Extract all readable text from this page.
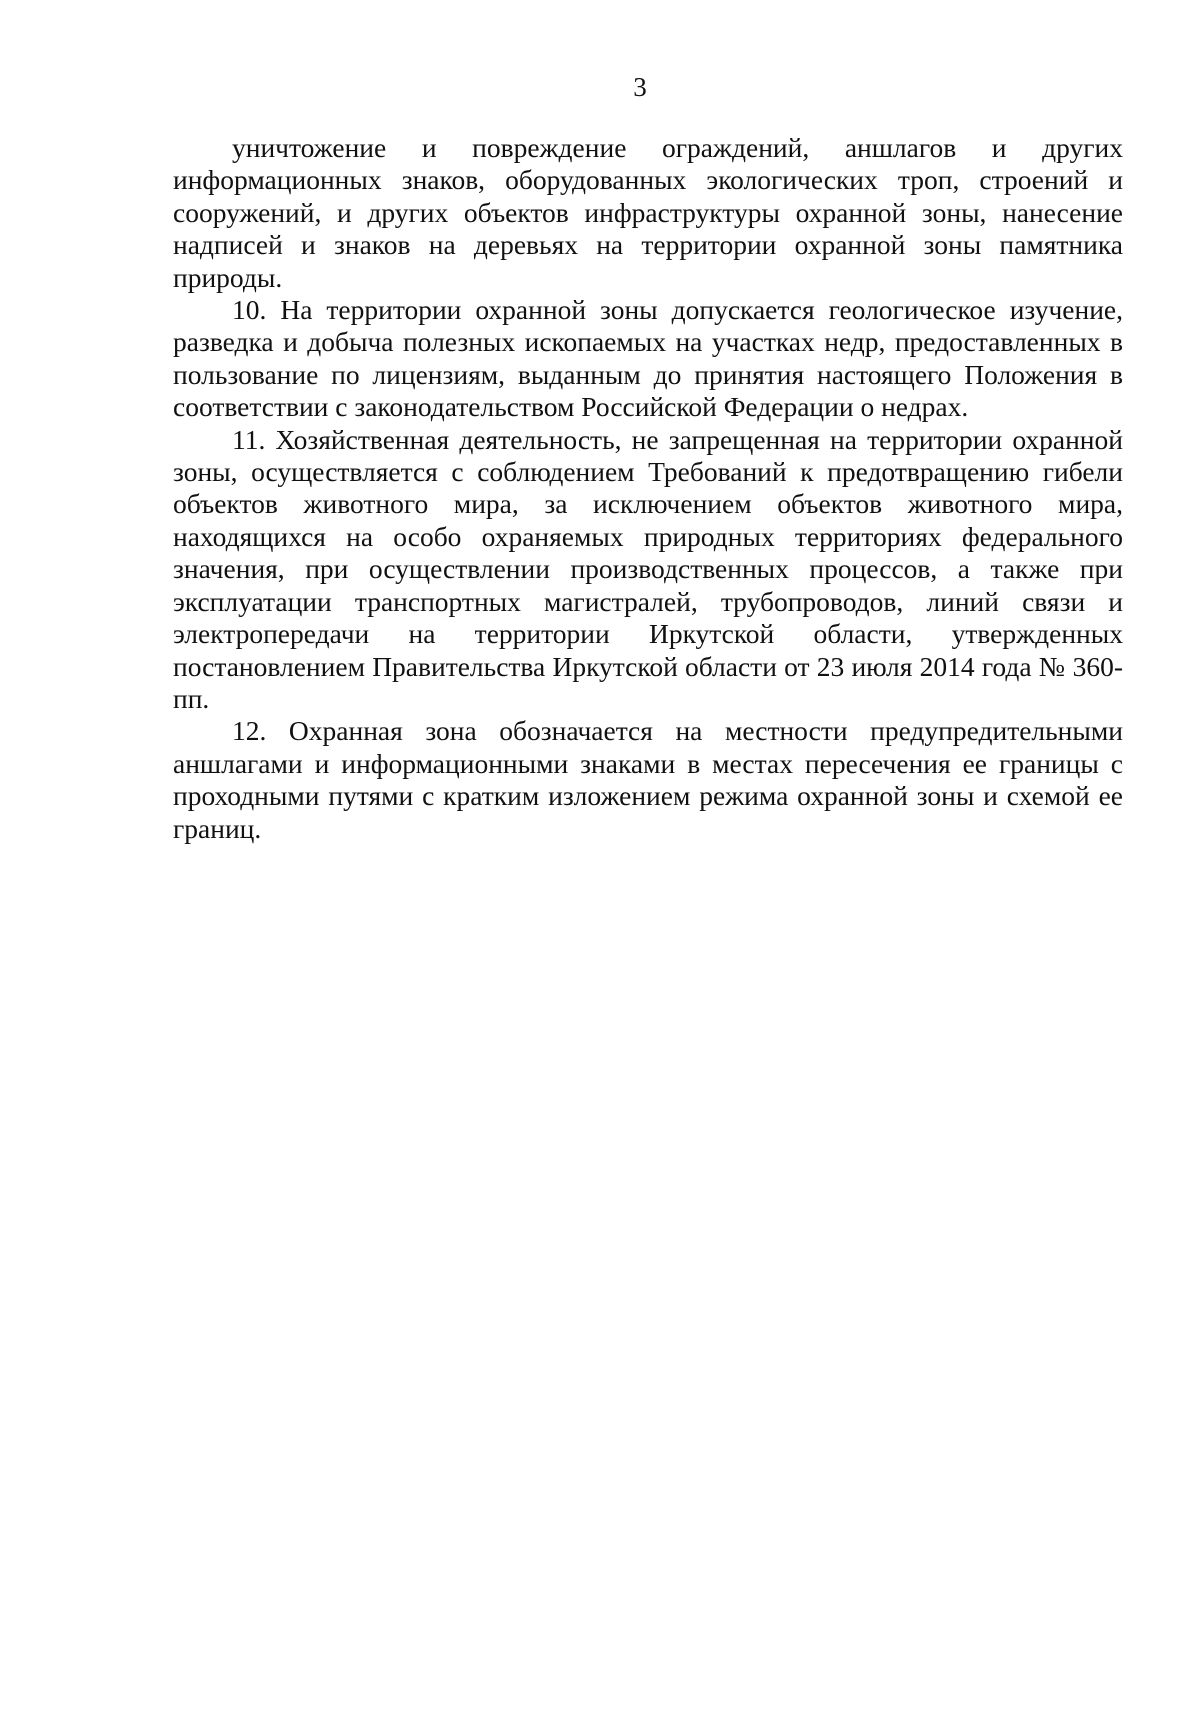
3

уничтожение и повреждение ограждений, аншлагов и других информационных знаков, оборудованных экологических троп, строений и сооружений, и других объектов инфраструктуры охранной зоны, нанесение надписей и знаков на деревьях на территории охранной зоны памятника природы.

10. На территории охранной зоны допускается геологическое изучение, разведка и добыча полезных ископаемых на участках недр, предоставленных в пользование по лицензиям, выданным до принятия настоящего Положения в соответствии с законодательством Российской Федерации о недрах.

11. Хозяйственная деятельность, не запрещенная на территории охранной зоны, осуществляется с соблюдением Требований к предотвращению гибели объектов животного мира, за исключением объектов животного мира, находящихся на особо охраняемых природных территориях федерального значения, при осуществлении производственных процессов, а также при эксплуатации транспортных магистралей, трубопроводов, линий связи и электропередачи на территории Иркутской области, утвержденных постановлением Правительства Иркутской области от 23 июля 2014 года № 360-пп.

12. Охранная зона обозначается на местности предупредительными аншлагами и информационными знаками в местах пересечения ее границы с проходными путями с кратким изложением режима охранной зоны и схемой ее границ.
